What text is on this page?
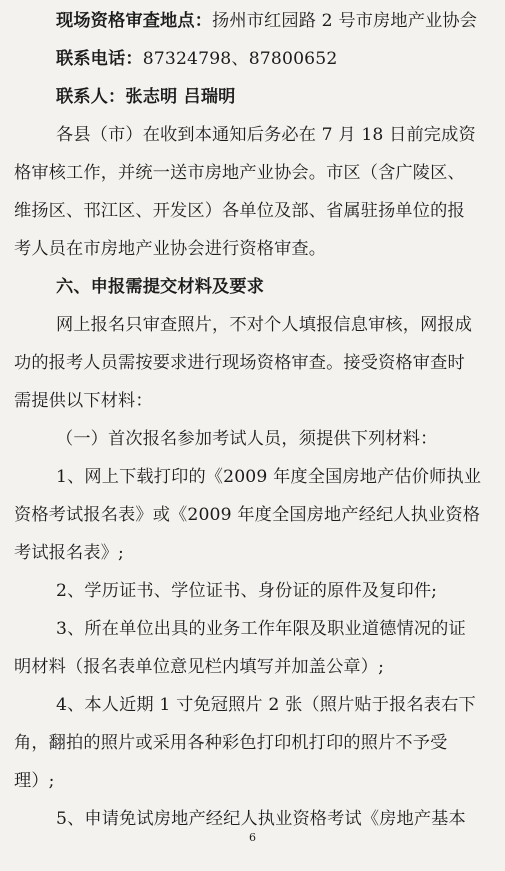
现场资格审查地点：扬州市红园路 2 号市房地产业协会
联系电话：87324798、87800652
联系人：张志明 吕瑞明
各县（市）在收到本通知后务必在 7 月 18 日前完成资
格审核工作，并统一送市房地产业协会。市区（含广陵区、
维扬区、邗江区、开发区）各单位及部、省属驻扬单位的报
考人员在市房地产业协会进行资格审查。
六、申报需提交材料及要求
网上报名只审查照片，不对个人填报信息审核，网报成
功的报考人员需按要求进行现场资格审查。接受资格审查时
需提供以下材料：
（一）首次报名参加考试人员，须提供下列材料：
1、网上下载打印的《2009 年度全国房地产估价师执业
资格考试报名表》或《2009 年度全国房地产经纪人执业资格
考试报名表》;
2、学历证书、学位证书、身份证的原件及复印件;
3、所在单位出具的业务工作年限及职业道德情况的证
明材料（报名表单位意见栏内填写并加盖公章）;
4、本人近期 1 寸免冠照片 2 张（照片贴于报名表右下
角，翻拍的照片或采用各种彩色打印机打印的照片不予受
理）;
5、申请免试房地产经纪人执业资格考试《房地产基本
6
